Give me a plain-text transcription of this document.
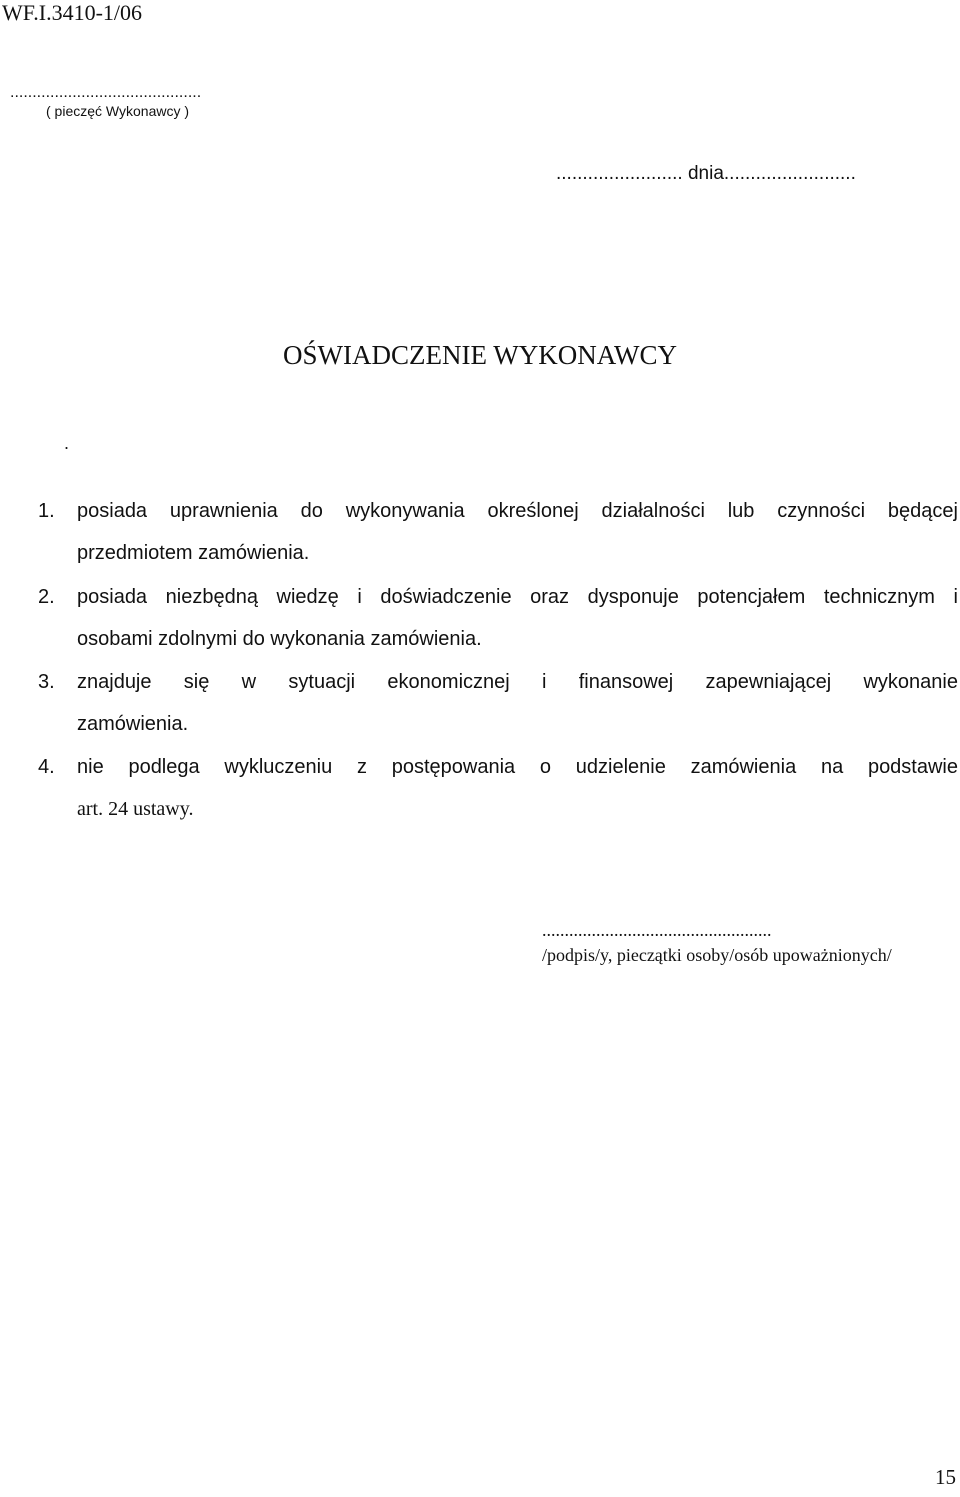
WF.I.3410-1/06
...........................................
( pieczęć Wykonawcy )
........................ dnia.........................
OŚWIADCZENIE WYKONAWCY
.
1. posiada uprawnienia do wykonywania określonej działalności lub czynności będącej
przedmiotem zamówienia.
2. posiada niezbędną wiedzę i doświadczenie oraz dysponuje potencjałem technicznym i
osobami zdolnymi do wykonania zamówienia.
3. znajduje się w sytuacji ekonomicznej i finansowej zapewniającej wykonanie
zamówienia.
4. nie podlega wykluczeniu z postępowania o udzielenie zamówienia na podstawie
art. 24 ustawy.
...................................................
/podpis/y, pieczątki osoby/osób upoważnionych/
15
